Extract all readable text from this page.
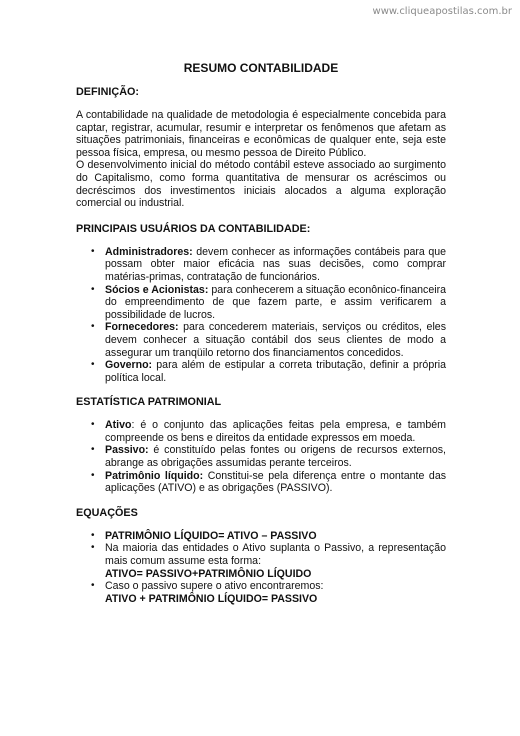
www.cliqueapostilas.com.br
RESUMO CONTABILIDADE
DEFINIÇÃO:

A contabilidade na qualidade de metodologia é especialmente concebida para captar, registrar, acumular, resumir e interpretar os fenômenos que afetam as situações patrimoniais, financeiras e econômicas de qualquer ente, seja este pessoa física, empresa, ou mesmo pessoa de Direito Público.

O desenvolvimento inicial do método contábil esteve associado ao surgimento do Capitalismo, como forma quantitativa de mensurar os acréscimos ou decréscimos dos investimentos iniciais alocados a alguma exploração comercial ou industrial.

PRINCIPAIS USUÁRIOS DA CONTABILIDADE:
• Administradores: devem conhecer as informações contábeis para que possam obter maior eficácia nas suas decisões, como comprar matérias-primas, contratação de funcionários.
• Sócios e Acionistas: para conhecerem a situação econônico-financeira do empreendimento de que fazem parte, e assim verificarem a possibilidade de lucros.
• Fornecedores: para concederem materiais, serviços ou créditos, eles devem conhecer a situação contábil dos seus clientes de modo a assegurar um tranqüilo retorno dos financiamentos concedidos.
• Governo: para além de estipular a correta tributação, definir a própria política local.
ESTATÍSTICA PATRIMONIAL
• Ativo: é o conjunto das aplicações feitas pela empresa, e também compreende os bens e direitos da entidade expressos em moeda.
• Passivo: é constituído pelas fontes ou origens de recursos externos, abrange as obrigações assumidas perante terceiros.
• Patrimônio líquido: Constitui-se pela diferença entre o montante das aplicações (ATIVO) e as obrigações (PASSIVO).
EQUAÇÕES
• PATRIMÔNIO LÍQUIDO= ATIVO – PASSIVO
• Na maioria das entidades o Ativo suplanta o Passivo, a representação mais comum assume esta forma:
ATIVO= PASSIVO+PATRIMÔNIO LÍQUIDO
• Caso o passivo supere o ativo encontraremos:
ATIVO + PATRIMÔNIO LÍQUIDO= PASSIVO
